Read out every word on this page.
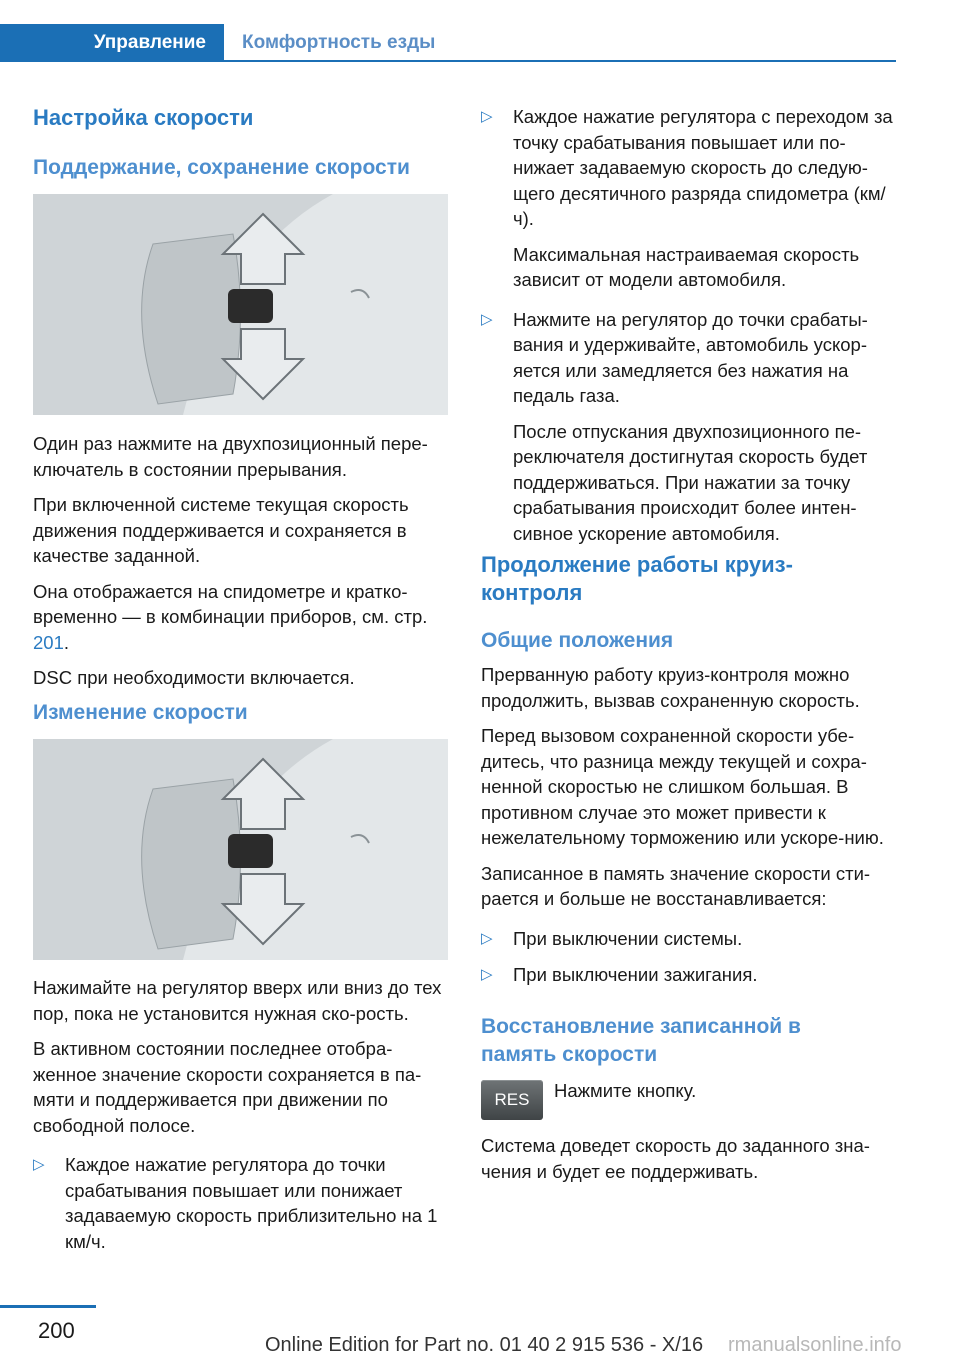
Управление	Комфортность езды
Настройка скорости
Поддержание, сохранение скорости

Один раз нажмите на двухпозиционный пере-ключатель в состоянии прерывания.

При включенной системе текущая скорость движения поддерживается и сохраняется в качестве заданной.

Она отображается на спидометре и кратко-временно — в комбинации приборов, см. стр. 201.

DSC при необходимости включается.

Изменение скорости

Нажимайте на регулятор вверх или вниз до тех пор, пока не установится нужная ско-рость.

В активном состоянии последнее отобра-женное значение скорости сохраняется в па-мяти и поддерживается при движении по свободной полосе.

▷ Каждое нажатие регулятора до точки срабатывания повышает или понижает задаваемую скорость приблизительно на 1 км/ч.

▷ Каждое нажатие регулятора с переходом за точку срабатывания повышает или по-нижает задаваемую скорость до следую-щего десятичного разряда спидометра (км/ч).

Максимальная настраиваемая скорость зависит от модели автомобиля.

▷ Нажмите на регулятор до точки срабаты-вания и удерживайте, автомобиль ускор-яется или замедляется без нажатия на педаль газа.

После отпускания двухпозиционного пе-реключателя достигнутая скорость будет поддерживаться. При нажатии за точку срабатывания происходит более интен-сивное ускорение автомобиля.

Продолжение работы круиз-контроля
Общие положения

Прерванную работу круиз-контроля можно продолжить, вызвав сохраненную скорость.

Перед вызовом сохраненной скорости убе-дитесь, что разница между текущей и сохра-ненной скоростью не слишком большая. В противном случае это может привести к нежелательному торможению или ускоре-нию.

Записанное в память значение скорости сти-рается и больше не восстанавливается:

▷ При выключении системы.

▷ При выключении зажигания.

Восстановление записанной в память скорости

Нажмите кнопку.

Система доведет скорость до заданного зна-чения и будет ее поддерживать.

RES
200
Online Edition for Part no. 01 40 2 915 536 - X/16 rmanualsonline.info
